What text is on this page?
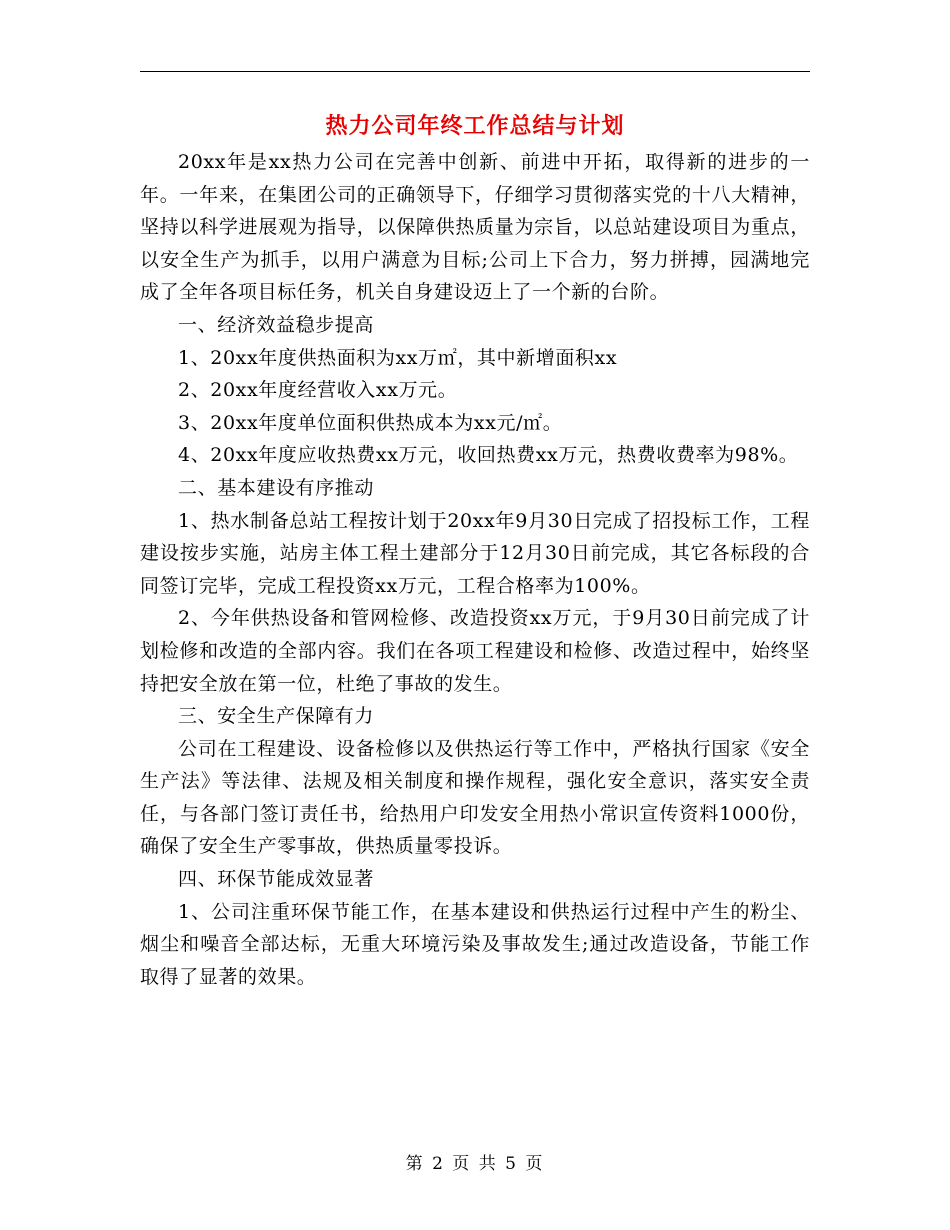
热力公司年终工作总结与计划

20xx年是xx热力公司在完善中创新、前进中开拓，取得新的进步的一年。一年来，在集团公司的正确领导下，仔细学习贯彻落实党的十八大精神，坚持以科学进展观为指导，以保障供热质量为宗旨，以总站建设项目为重点，以安全生产为抓手，以用户满意为目标;公司上下合力，努力拼搏，园满地完成了全年各项目标任务，机关自身建设迈上了一个新的台阶。

一、经济效益稳步提高

1、20xx年度供热面积为xx万㎡，其中新增面积xx

2、20xx年度经营收入xx万元。

3、20xx年度单位面积供热成本为xx元/㎡。

4、20xx年度应收热费xx万元，收回热费xx万元，热费收费率为98%。

二、基本建设有序推动

1、热水制备总站工程按计划于20xx年9月30日完成了招投标工作，工程建设按步实施，站房主体工程土建部分于12月30日前完成，其它各标段的合同签订完毕，完成工程投资xx万元，工程合格率为100%。

2、今年供热设备和管网检修、改造投资xx万元，于9月30日前完成了计划检修和改造的全部内容。我们在各项工程建设和检修、改造过程中，始终坚持把安全放在第一位，杜绝了事故的发生。

三、安全生产保障有力

公司在工程建设、设备检修以及供热运行等工作中，严格执行国家《安全生产法》等法律、法规及相关制度和操作规程，强化安全意识，落实安全责任，与各部门签订责任书，给热用户印发安全用热小常识宣传资料1000份，确保了安全生产零事故，供热质量零投诉。

四、环保节能成效显著

1、公司注重环保节能工作，在基本建设和供热运行过程中产生的粉尘、烟尘和噪音全部达标，无重大环境污染及事故发生;通过改造设备，节能工作取得了显著的效果。

第 2 页 共 5 页
